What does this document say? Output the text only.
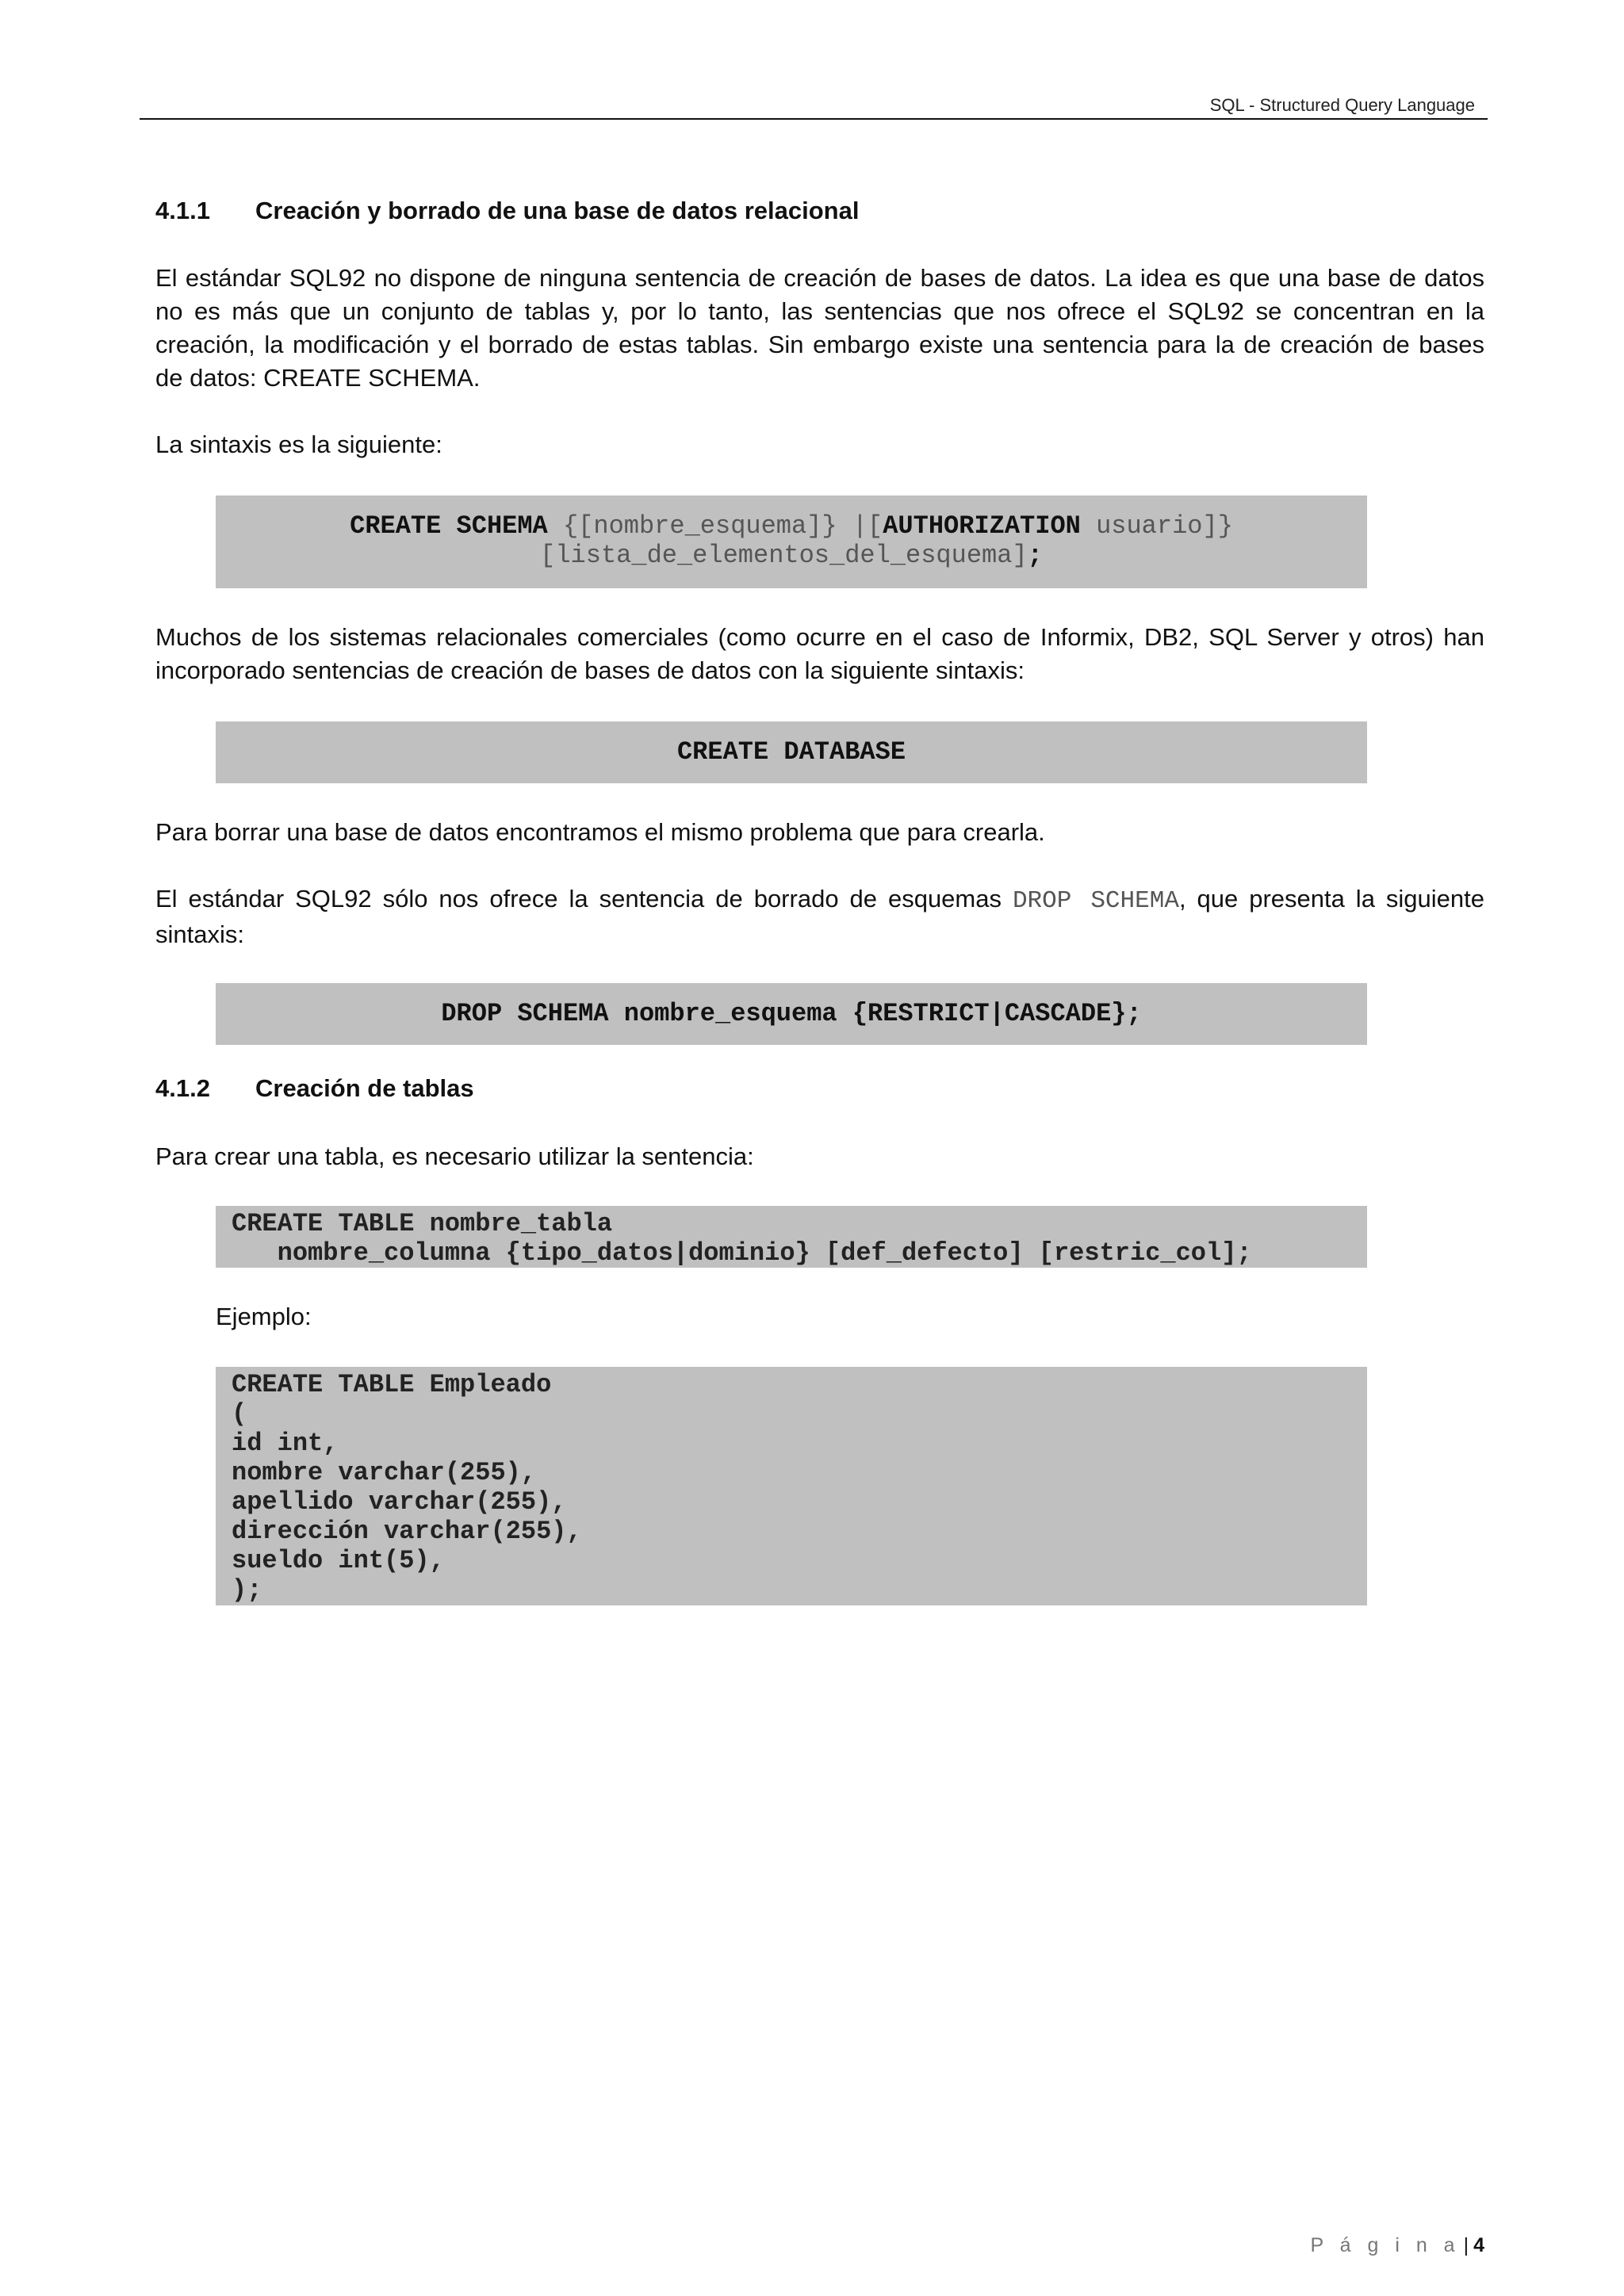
SQL - Structured Query Language
4.1.1 Creación y borrado de una base de datos relacional
El estándar SQL92 no dispone de ninguna sentencia de creación de bases de datos. La idea es que una base de datos
no es más que un conjunto de tablas y, por lo tanto, las sentencias que nos ofrece el SQL92 se concentran en la
creación, la modificación y el borrado de estas tablas. Sin embargo existe una sentencia para la de creación de bases
de datos: CREATE SCHEMA.
La sintaxis es la siguiente:
CREATE SCHEMA {[nombre_esquema]} |[AUTHORIZATION usuario]}
[lista_de_elementos_del_esquema];
Muchos de los sistemas relacionales comerciales (como ocurre en el caso de Informix, DB2, SQL Server y otros) han
incorporado sentencias de creación de bases de datos con la siguiente sintaxis:
CREATE DATABASE
Para borrar una base de datos encontramos el mismo problema que para crearla.
El estándar SQL92 sólo nos ofrece la sentencia de borrado de esquemas DROP SCHEMA, que presenta la siguiente
sintaxis:
DROP SCHEMA nombre_esquema {RESTRICT|CASCADE};
4.1.2 Creación de tablas
Para crear una tabla, es necesario utilizar la sentencia:
CREATE TABLE nombre_tabla
nombre_columna {tipo_datos|dominio} [def_defecto] [restric_col];
Ejemplo:
CREATE TABLE Empleado
(
id int,
nombre varchar(255),
apellido varchar(255),
dirección varchar(255),
sueldo int(5),
);
P á g i n a | 4
